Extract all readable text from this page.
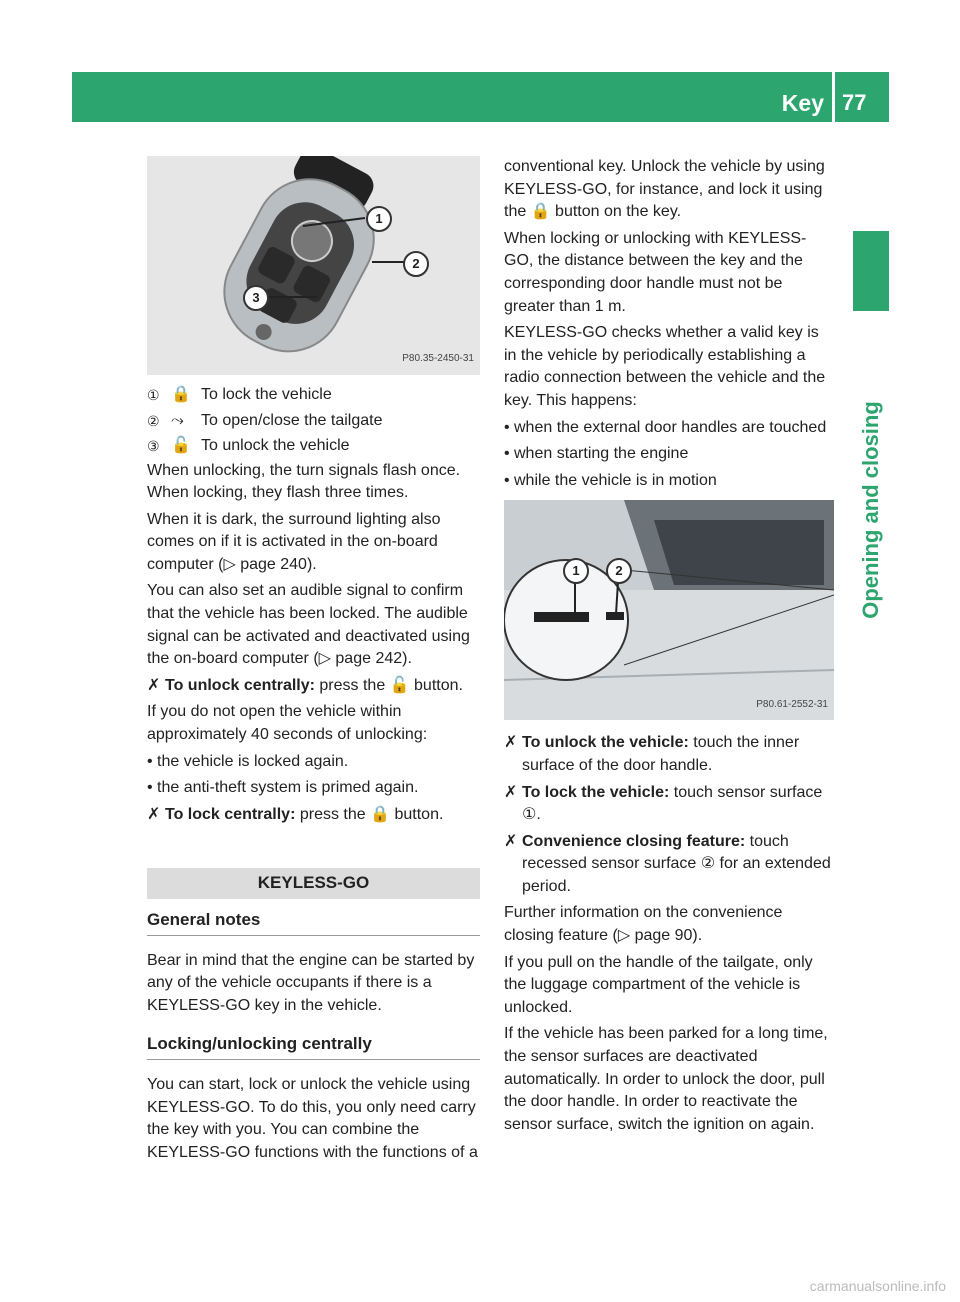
Key 77
Opening and closing
1
2
3
P80.35-2450-31
① 🔒 To lock the vehicle
② ⤳	To open/close the tailgate
③ 🔓 To unlock the vehicle

When unlocking, the turn signals flash once. When locking, they flash three times.

When it is dark, the surround lighting also comes on if it is activated in the on-board computer (▷ page 240).

You can also set an audible signal to confirm that the vehicle has been locked. The audible signal can be activated and deactivated using the on-board computer (▷ page 242).

✗ To unlock centrally: press the 🔓 button.

If you do not open the vehicle within approximately 40 seconds of unlocking:

• the vehicle is locked again.
• the anti-theft system is primed again.
✗ To lock centrally: press the 🔒 button.
KEYLESS-GO
General notes

Bear in mind that the engine can be started by any of the vehicle occupants if there is a KEYLESS-GO key in the vehicle.

Locking/unlocking centrally

You can start, lock or unlock the vehicle using KEYLESS-GO. To do this, you only need carry the key with you. You can combine the KEYLESS-GO functions with the functions of a

conventional key. Unlock the vehicle by using KEYLESS-GO, for instance, and lock it using the 🔒 button on the key.

When locking or unlocking with KEYLESS-GO, the distance between the key and the corresponding door handle must not be greater than 1 m.

KEYLESS-GO checks whether a valid key is in the vehicle by periodically establishing a radio connection between the vehicle and the key. This happens:

• when the external door handles are touched
• when starting the engine
• while the vehicle is in motion
1	2
P80.61-2552-31
✗ To unlock the vehicle: touch the inner surface of the door handle.
✗ To lock the vehicle: touch sensor surface ①.
✗ Convenience closing feature: touch recessed sensor surface ② for an extended period.

Further information on the convenience closing feature (▷ page 90).

If you pull on the handle of the tailgate, only the luggage compartment of the vehicle is unlocked.

If the vehicle has been parked for a long time, the sensor surfaces are deactivated automatically. In order to unlock the door, pull the door handle. In order to reactivate the sensor surface, switch the ignition on again.

carmanualsonline.info
